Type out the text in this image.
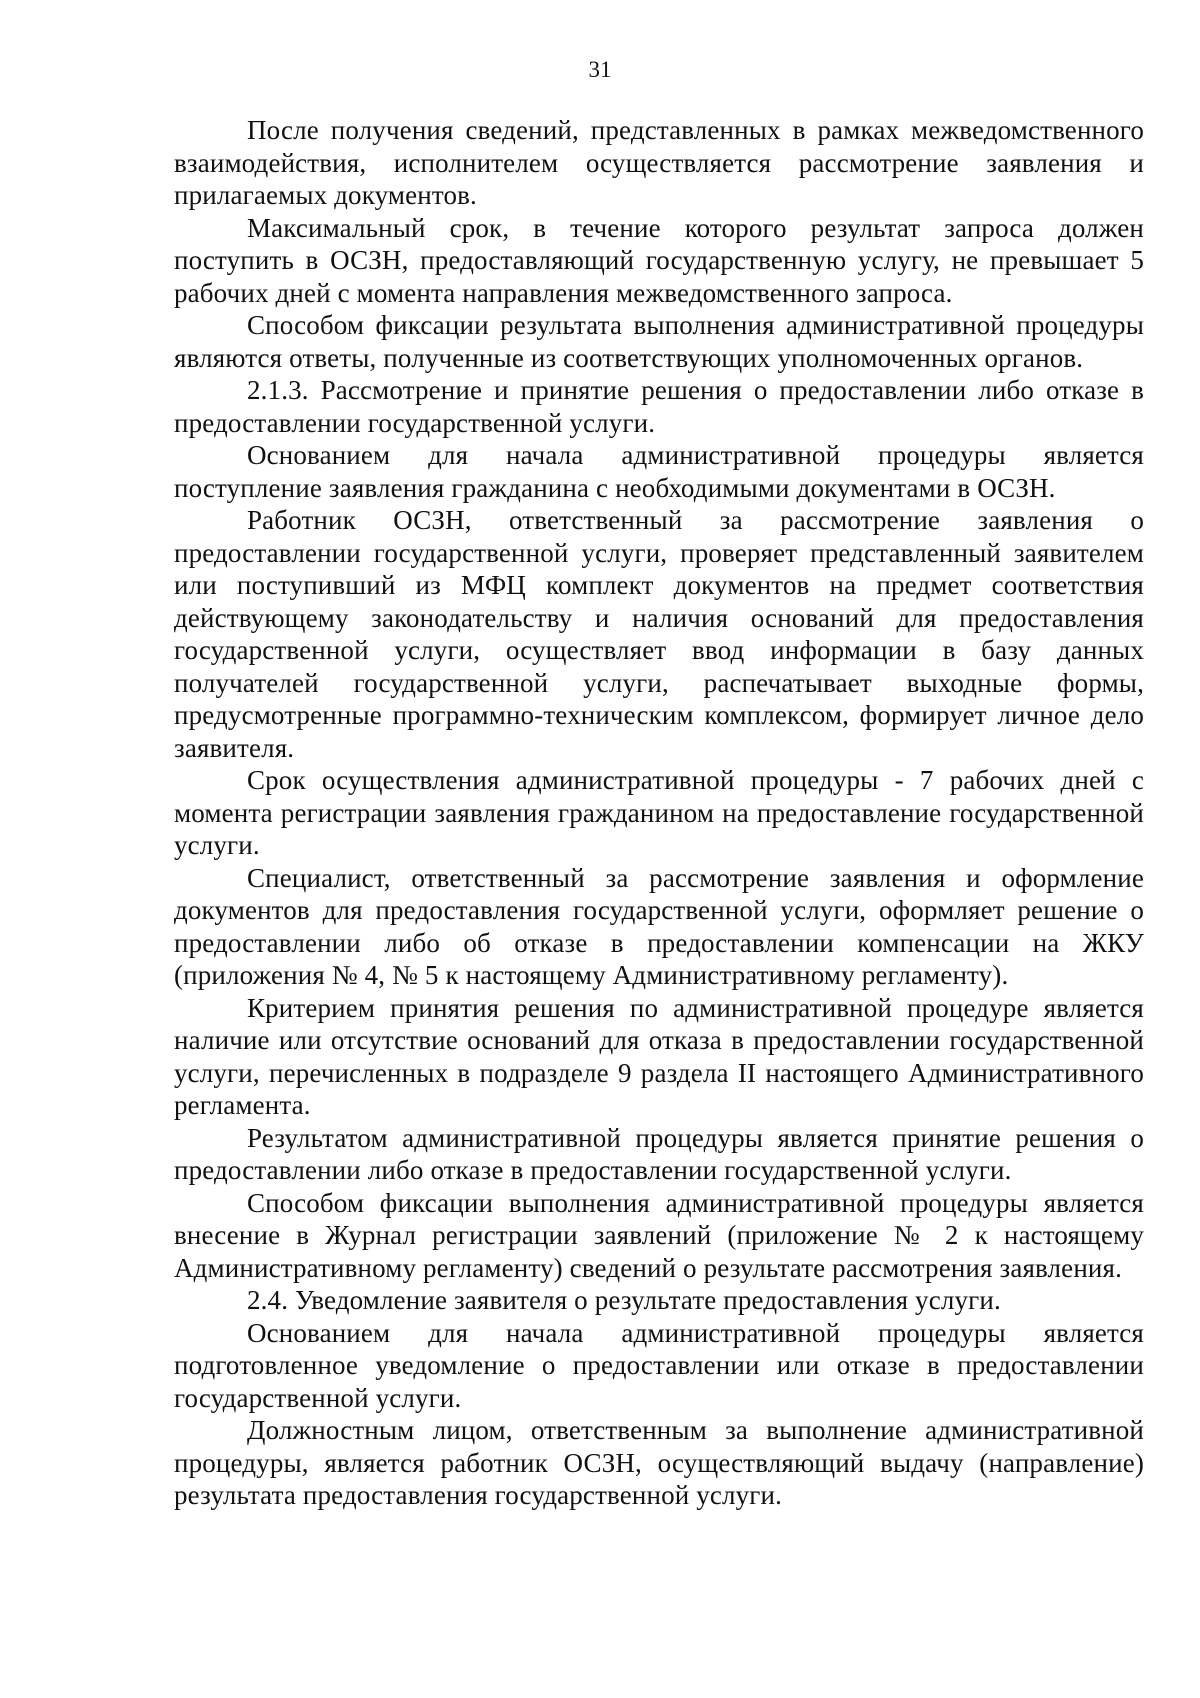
31

После получения сведений, представленных в рамках межведомственного взаимодействия, исполнителем осуществляется рассмотрение заявления и прилагаемых документов.

Максимальный срок, в течение которого результат запроса должен поступить в ОСЗН, предоставляющий государственную услугу, не превышает 5 рабочих дней с момента направления межведомственного запроса.

Способом фиксации результата выполнения административной процедуры являются ответы, полученные из соответствующих уполномоченных органов.

2.1.3. Рассмотрение и принятие решения о предоставлении либо отказе в предоставлении государственной услуги.

Основанием для начала административной процедуры является поступление заявления гражданина с необходимыми документами в ОСЗН.

Работник ОСЗН, ответственный за рассмотрение заявления о предоставлении государственной услуги, проверяет представленный заявителем или поступивший из МФЦ комплект документов на предмет соответствия действующему законодательству и наличия оснований для предоставления государственной услуги, осуществляет ввод информации в базу данных получателей государственной услуги, распечатывает выходные формы, предусмотренные программно-техническим комплексом, формирует личное дело заявителя.

Срок осуществления административной процедуры - 7 рабочих дней с момента регистрации заявления гражданином на предоставление государственной услуги.

Специалист, ответственный за рассмотрение заявления и оформление документов для предоставления государственной услуги, оформляет решение о предоставлении либо об отказе в предоставлении компенсации на ЖКУ (приложения № 4, № 5 к настоящему Административному регламенту).

Критерием принятия решения по административной процедуре является наличие или отсутствие оснований для отказа в предоставлении государственной услуги, перечисленных в подразделе 9 раздела II настоящего Административного регламента.

Результатом административной процедуры является принятие решения о предоставлении либо отказе в предоставлении государственной услуги.

Способом фиксации выполнения административной процедуры является внесение в Журнал регистрации заявлений (приложение № 2 к настоящему Административному регламенту) сведений о результате рассмотрения заявления.

2.4. Уведомление заявителя о результате предоставления услуги.

Основанием для начала административной процедуры является подготовленное уведомление о предоставлении или отказе в предоставлении государственной услуги.

Должностным лицом, ответственным за выполнение административной процедуры, является работник ОСЗН, осуществляющий выдачу (направление) результата предоставления государственной услуги.
